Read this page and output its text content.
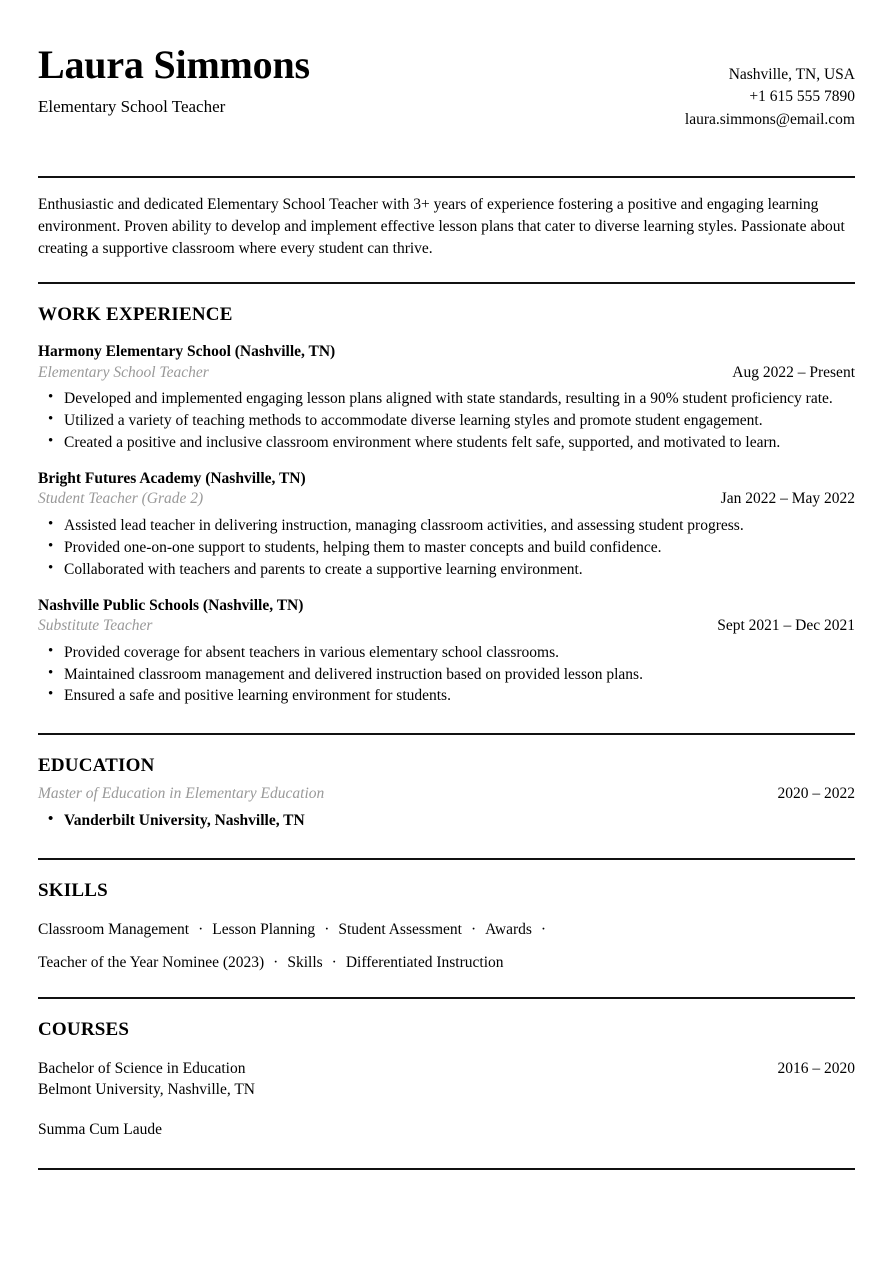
Laura Simmons
Elementary School Teacher
Nashville, TN, USA
+1 615 555 7890
laura.simmons@email.com
Enthusiastic and dedicated Elementary School Teacher with 3+ years of experience fostering a positive and engaging learning environment. Proven ability to develop and implement effective lesson plans that cater to diverse learning styles. Passionate about creating a supportive classroom where every student can thrive.
WORK EXPERIENCE
Harmony Elementary School (Nashville, TN)
Elementary School Teacher	Aug 2022 – Present
• Developed and implemented engaging lesson plans aligned with state standards, resulting in a 90% student proficiency rate.
• Utilized a variety of teaching methods to accommodate diverse learning styles and promote student engagement.
• Created a positive and inclusive classroom environment where students felt safe, supported, and motivated to learn.
Bright Futures Academy (Nashville, TN)
Student Teacher (Grade 2)	Jan 2022 – May 2022
• Assisted lead teacher in delivering instruction, managing classroom activities, and assessing student progress.
• Provided one-on-one support to students, helping them to master concepts and build confidence.
• Collaborated with teachers and parents to create a supportive learning environment.
Nashville Public Schools (Nashville, TN)
Substitute Teacher	Sept 2021 – Dec 2021
• Provided coverage for absent teachers in various elementary school classrooms.
• Maintained classroom management and delivered instruction based on provided lesson plans.
• Ensured a safe and positive learning environment for students.
EDUCATION
Master of Education in Elementary Education	2020 – 2022
• Vanderbilt University, Nashville, TN
SKILLS
Classroom Management · Lesson Planning · Student Assessment · Awards ·
Teacher of the Year Nominee (2023) · Skills · Differentiated Instruction
COURSES
Bachelor of Science in Education	2016 – 2020
Belmont University, Nashville, TN
Summa Cum Laude
